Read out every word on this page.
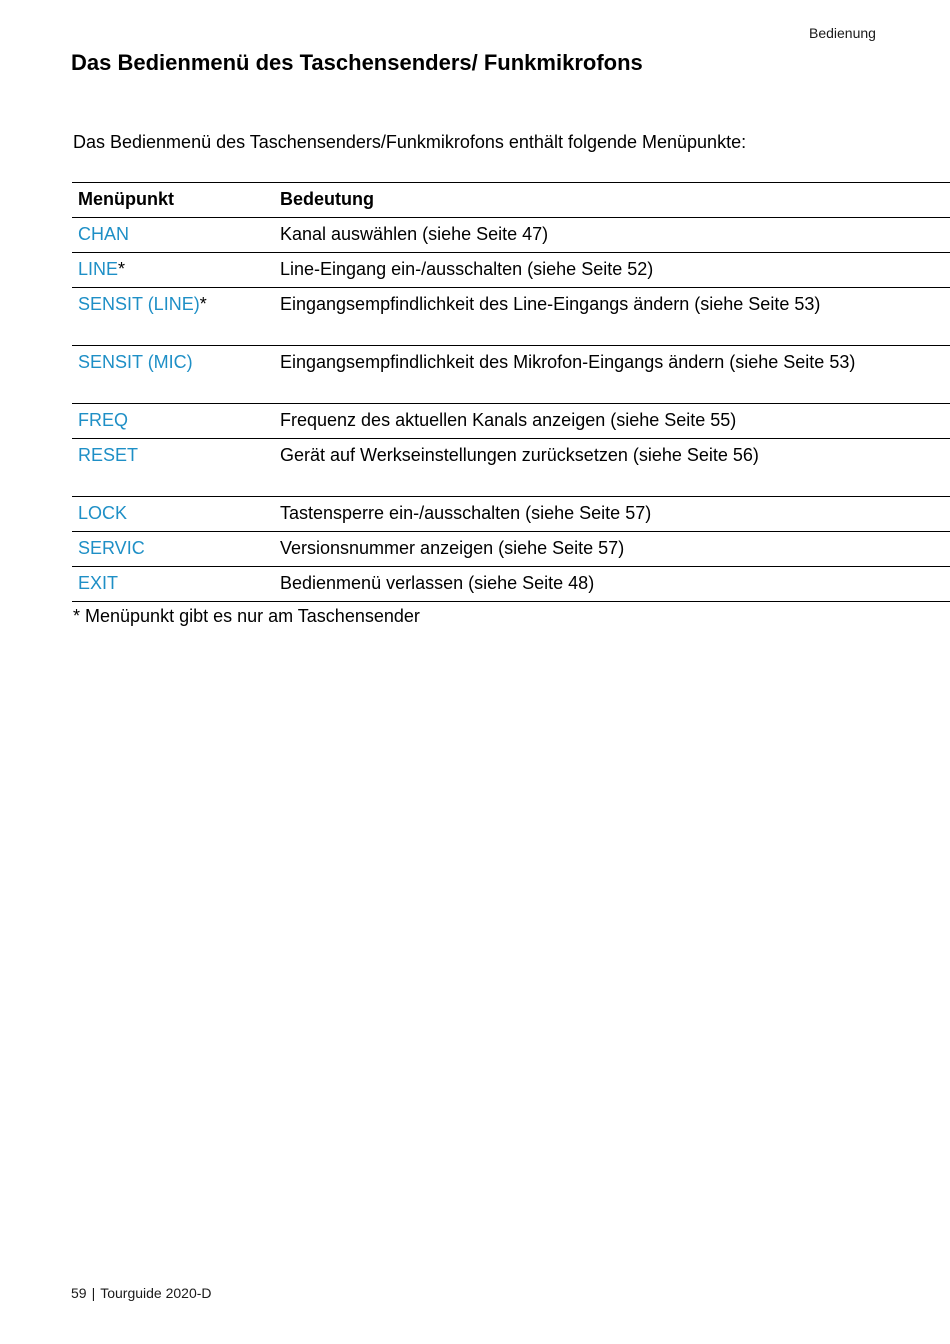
Bedienung
Das Bedienmenü des Taschensenders/ Funkmikrofons

Das Bedienmenü des Taschensenders/Funkmikrofons enthält folgende Menüpunkte:

Menüpunkt	Bedeutung
CHAN	Kanal auswählen (siehe Seite 47)
LINE*	Line-Eingang ein-/ausschalten (siehe Seite 52)
SENSIT (LINE)*	Eingangsempfindlichkeit des Line-Eingangs ändern (siehe Seite 53)
SENSIT (MIC)	Eingangsempfindlichkeit des Mikrofon-Eingangs ändern (siehe Seite 53)
FREQ	Frequenz des aktuellen Kanals anzeigen (siehe Seite 55)
RESET	Gerät auf Werkseinstellungen zurücksetzen (siehe Seite 56)
LOCK	Tastensperre ein-/ausschalten (siehe Seite 57)
SERVIC	Versionsnummer anzeigen (siehe Seite 57)
EXIT	Bedienmenü verlassen (siehe Seite 48)

* Menüpunkt gibt es nur am Taschensender

59 | Tourguide 2020-D
